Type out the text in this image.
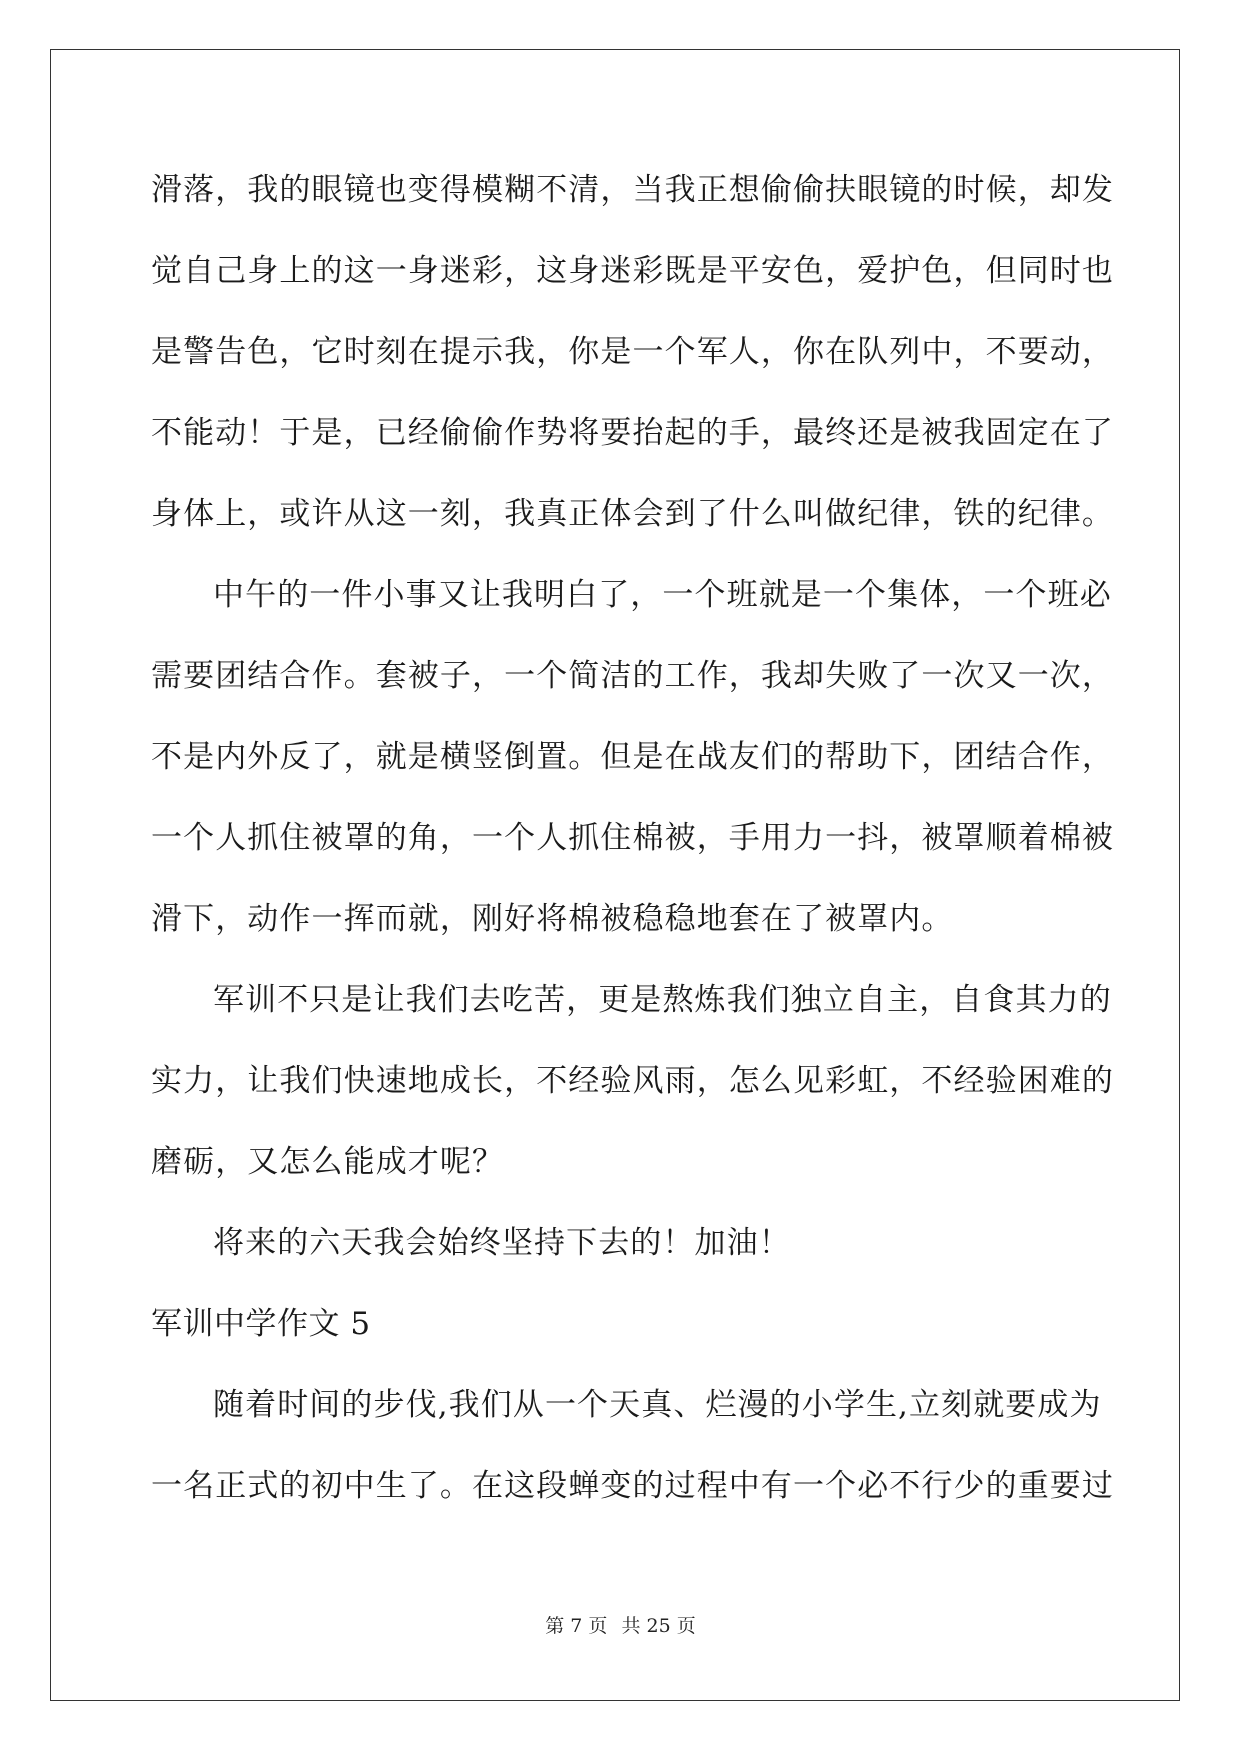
滑落，我的眼镜也变得模糊不清，当我正想偷偷扶眼镜的时候，却发
觉自己身上的这一身迷彩，这身迷彩既是平安色，爱护色，但同时也
是警告色，它时刻在提示我，你是一个军人，你在队列中，不要动，
不能动！于是，已经偷偷作势将要抬起的手，最终还是被我固定在了
身体上，或许从这一刻，我真正体会到了什么叫做纪律，铁的纪律。
中午的一件小事又让我明白了，一个班就是一个集体，一个班必
需要团结合作。套被子，一个简洁的工作，我却失败了一次又一次，
不是内外反了，就是横竖倒置。但是在战友们的帮助下，团结合作，
一个人抓住被罩的角，一个人抓住棉被，手用力一抖，被罩顺着棉被
滑下，动作一挥而就，刚好将棉被稳稳地套在了被罩内。
军训不只是让我们去吃苦，更是熬炼我们独立自主，自食其力的
实力，让我们快速地成长，不经验风雨，怎么见彩虹，不经验困难的
磨砺，又怎么能成才呢？
将来的六天我会始终坚持下去的！加油！
军训中学作文 5
随着时间的步伐,我们从一个天真、烂漫的小学生,立刻就要成为
一名正式的初中生了。在这段蝉变的过程中有一个必不行少的重要过
第 7 页 共 25 页
